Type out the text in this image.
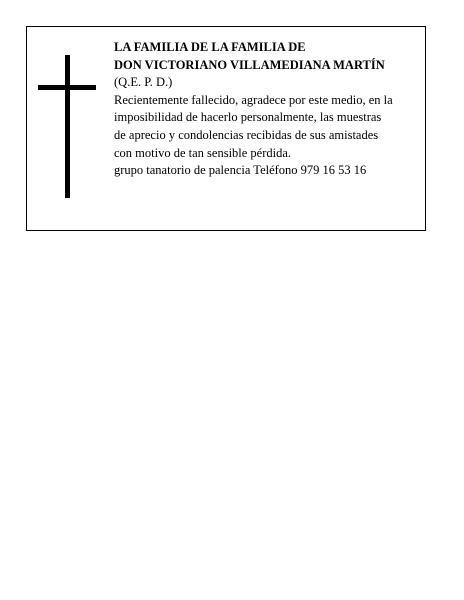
LA FAMILIA DE LA FAMILIA DE
DON VICTORIANO VILLAMEDIANA MARTÍN
(Q.E. P. D.)
Recientemente fallecido, agradece por este medio, en la
imposibilidad de hacerlo personalmente, las muestras
de aprecio y condolencias recibidas de sus amistades
con motivo de tan sensible pérdida.
grupo tanatorio de palencia Teléfono 979 16 53 16
